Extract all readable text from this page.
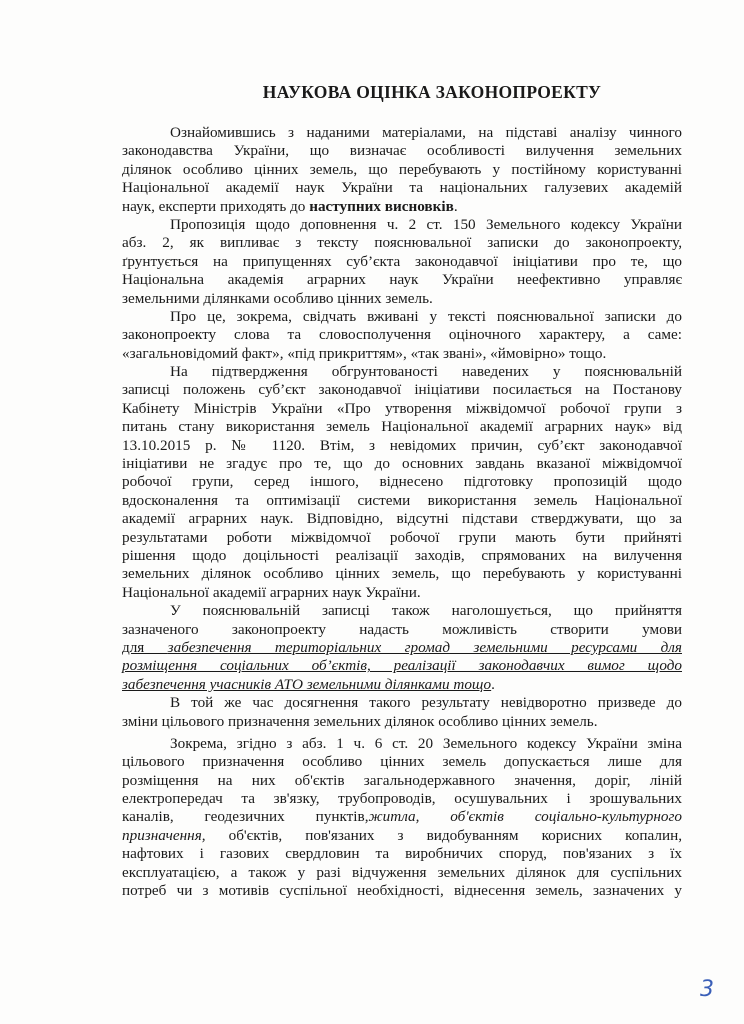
НАУКОВА ОЦІНКА ЗАКОНОПРОЕКТУ
Ознайомившись з наданими матеріалами, на підставі аналізу чинного
законодавства України, що визначає особливості вилучення земельних
ділянок особливо цінних земель, що перебувають у постійному користуванні
Національної академії наук України та національних галузевих академій
наук, експерти приходять до наступних висновків.
Пропозиція щодо доповнення ч. 2 ст. 150 Земельного кодексу України
абз. 2, як випливає з тексту пояснювальної записки до законопроекту,
ґрунтується на припущеннях суб’єкта законодавчої ініціативи про те, що
Національна академія аграрних наук України неефективно управляє
земельними ділянками особливо цінних земель.
Про це, зокрема, свідчать вживані у тексті пояснювальної записки до
законопроекту слова та словосполучення оціночного характеру, а саме:
«загальновідомий факт», «під прикриттям», «так звані», «ймовірно» тощо.
На підтвердження обгрунтованості наведених у пояснювальній
записці положень суб’єкт законодавчої ініціативи посилається на Постанову
Кабінету Міністрів України «Про утворення міжвідомчої робочої групи з
питань стану використання земель Національної академії аграрних наук» від
13.10.2015 р. № 1120. Втім, з невідомих причин, суб’єкт законодавчої
ініціативи не згадує про те, що до основних завдань вказаної міжвідомчої
робочої групи, серед іншого, віднесено підготовку пропозицій щодо
вдосконалення та оптимізації системи використання земель Національної
академії аграрних наук. Відповідно, відсутні підстави стверджувати, що за
результатами роботи міжвідомчої робочої групи мають бути прийняті
рішення щодо доцільності реалізації заходів, спрямованих на вилучення
земельних ділянок особливо цінних земель, що перебувають у користуванні
Національної академії аграрних наук України.
У пояснювальній записці також наголошується, що прийняття
зазначеного законопроекту надасть можливість створити умови
для забезпечення територіальних громад земельними ресурсами для
розміщення соціальних об’єктів, реалізації законодавчих вимог щодо
забезпечення учасників АТО земельними ділянками тощо.
В той же час досягнення такого результату невідворотно призведе до
зміни цільового призначення земельних ділянок особливо цінних земель.
Зокрема, згідно з абз. 1 ч. 6 ст. 20 Земельного кодексу України зміна
цільового призначення особливо цінних земель допускається лише для
розміщення на них об'єктів загальнодержавного значення, доріг, ліній
електропередач та зв'язку, трубопроводів, осушувальних і зрошувальних
каналів, геодезичних пунктів,житла, об'єктів соціально-культурного
призначення, об'єктів, пов'язаних з видобуванням корисних копалин,
нафтових і газових свердловин та виробничих споруд, пов'язаних з їх
експлуатацією, а також у разі відчуження земельних ділянок для суспільних
потреб чи з мотивів суспільної необхідності, віднесення земель, зазначених у
3
